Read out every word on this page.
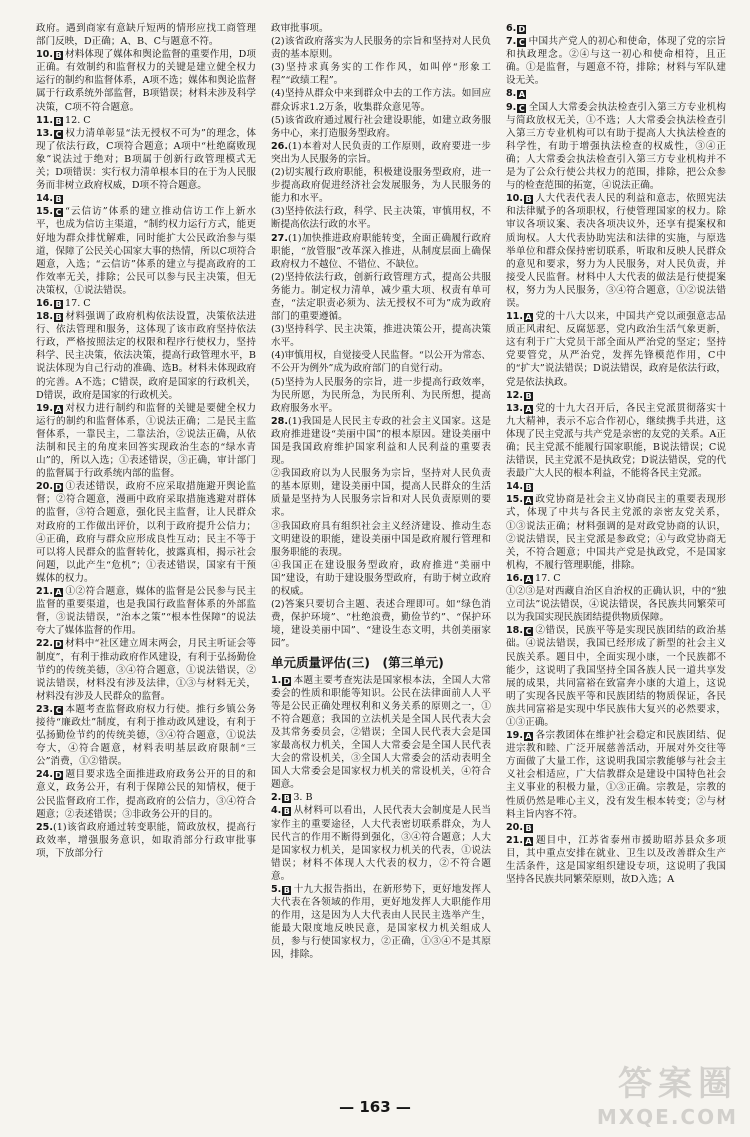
政府。遇到商家有意缺斤短两的情形应找工商管理部门反映，D正确；A、B、C与题意不符。

10. B 材料体现了媒体和舆论监督的重要作用，D项正确。有效制约和监督权力的关键是建立健全权力运行的制约和监督体系，A项不选；媒体和舆论监督属于行政系统外部监督，B项错误；材料未涉及科学决策，C项不符合题意。

11. B 12. C

13. C 权力清单彰显“法无授权不可为”的理念，体现了依法行政，C项符合题意；A项中“杜绝腐败现象”说法过于绝对；B项属于创新行政管理模式无关；D项错误：实行权力清单根本目的在于为人民服务而非树立政府权威，D项不符合题意。

14. B

15. C “云信访”体系的建立推动信访工作上新水平，也成为信访主渠道，“制约权力运行方式，能更好地为群众排忧解难，同时能扩大公民政治参与渠道，保障了公民关心国家大事的热情，所以C项符合题意，入选；“云信访”体系的建立与提高政府的工作效率无关，排除；公民可以参与民主决策，但无决策权，①说法错误。

16. B 17. C

18. B 材料强调了政府机构依法设置，决策依法进行、依法管理和服务，这体现了该市政府坚持依法行政，严格按照法定的权限和程序行使权力，坚持科学、民主决策，依法决策，提高行政管理水平，B说法体现为自己行动的准确、选B。材料未体现政府的完善。A不选；C错误，政府是国家的行政机关，D错误，政府是国家的行政机关。

19. A 对权力进行制约和监督的关键是要健全权力运行的制约和监督体系，①说法正确；二是民主监督体系，一靠民主，二靠法治，②说法正确，从依法制和民主的角度来回答实现政治生态的“绿水青山”的，所以入选；①表述错误，③正确，审计部门的监督属于行政系统内部的监督。

20. D ①表述错误，政府不应采取措施避开舆论监督；②符合题意，漫画中政府采取措施逃避对群体的监督，③符合题意，强化民主监督，让人民群众对政府的工作做出评价，以利于政府提升公信力；④正确，政府与群众应形成良性互动；民主不等于可以将人民群众的监督转化，披露真相，揭示社会问题，以此产生“危机”；①表述错误，国家有干预媒体的权力。

21. A ①②符合题意，媒体的监督是公民参与民主监督的重要渠道，也是我国行政监督体系的外部监督，③说法错误，“治本之策”“根本性保障”的说法夸大了媒体监督的作用。

22. D 材料中“社区建立周末两会，月民主听证会等制度”，有利于推动政府作风建设，有利于弘扬勤俭节约的传统美德，③④符合题意，①说法错误，②说法错误，材料没有涉及法律，①③与材料无关，材料没有涉及人民群众的监督。

23. C 本题考查监督政府权力行使。推行乡镇公务接待“廉政灶”制度，有利于推动政风建设，有利于弘扬勤俭节约的传统美德，③④符合题意，①说法夸大，④符合题意，材料表明基层政府限制“三公”消费，①②错误。

24. D 题目要求选全面推进政府政务公开的目的和意义，政务公开，有利于保障公民的知情权，便于公民监督政府工作，提高政府的公信力，③④符合题意；②表述错误；③非政务公开的目的。

25.(1)该省政府通过转变职能，简政放权，提高行政效率，增强服务意识，如取消部分行政审批事项，下放部分行

政审批事项。

(2)该省政府落实为人民服务的宗旨和坚持对人民负责的基本原则。

(3)坚持求真务实的工作作风，如叫停“形象工程”“政绩工程”。

(4)坚持从群众中来到群众中去的工作方法。如回应群众诉求1.2万条，收集群众意见等。

(5)该省政府通过履行社会建设职能，如建立政务服务中心，来打造服务型政府。

26.(1)本着对人民负责的工作原则，政府要进一步突出为人民服务的宗旨。

(2)切实履行政府职能，积极建设服务型政府，进一步提高政府促进经济社会发展服务，为人民服务的能力和水平。

(3)坚持依法行政，科学、民主决策，审慎用权，不断提高依法行政的水平。

27.(1)加快推进政府职能转变，全面正确履行政府职能，“放管服”改革深入推进，从制度层面上确保政府权力不越位、不错位、不缺位。

(2)坚持依法行政，创新行政管理方式，提高公共服务能力。制定权力清单，减少重大项、权责有单可查，“法定职责必须为、法无授权不可为”成为政府部门的重要遵循。

(3)坚持科学、民主决策，推进决策公开，提高决策水平。

(4)审慎用权，自觉接受人民监督。“以公开为常态、不公开为例外”成为政府部门的自觉行动。

(5)坚持为人民服务的宗旨，进一步提高行政效率，为民所愿，为民所急，为民所利、为民所想，提高政府服务水平。

28.(1)我国是人民民主专政的社会主义国家。这是政府推进建设“美丽中国”的根本原因。建设美丽中国是我国政府维护国家利益和人民利益的重要表现。

②我国政府以为人民服务为宗旨，坚持对人民负责的基本原则，建设美丽中国，提高人民群众的生活质量是坚持为人民服务宗旨和对人民负责原则的要求。

③我国政府具有组织社会主义经济建设、推动生态文明建设的职能，建设美丽中国是政府履行管理和服务职能的表现。

④我国正在建设服务型政府，政府推进“美丽中国”建设，有助于建设服务型政府，有助于树立政府的权威。

(2)答案只要切合主题、表述合理即可。如“绿色消费，保护环境”、“杜绝浪费，勤俭节约”、“保护环境，建设美丽中国”、“建设生态文明，共创美丽家园”。

单元质量评估(三)　(第三单元)

1. D 本题主要考查宪法是国家根本法，全国人大常委会的性质和职能等知识。公民在法律面前人人平等是公民正确处理权利和义务关系的原则之一，①不符合题意；我国的立法机关是全国人民代表大会及其常务委员会，②错误；全国人民代表大会是国家最高权力机关，全国人大常委会是全国人民代表大会的常设机关，③全国人大常委会的活动表明全国人大常委会是国家权力机关的常设机关，④符合题意。

2. B 3. B

4. B 从材料可以看出，人民代表大会制度是人民当家作主的重要途径，人大代表密切联系群众，为人民代言的作用不断得到强化，③④符合题意；人大是国家权力机关，是国家权力机关的代表，①说法错误；材料不体现人大代表的权力，②不符合题意。

5. B 十九大报告指出，在新形势下，更好地发挥人大代表在各领域的作用，更好地发挥人大职能作用的作用，这是因为人大代表由人民民主选举产生，能最大限度地反映民意，是国家权力机关组成人员，参与行使国家权力，②正确，①③④不是其原因，排除。

6. D

7. C 中国共产党人的初心和使命，体现了党的宗旨和执政理念。②④与这一初心和使命相符，且正确。①是监督，与题意不符，排除；材料与军队建设无关。

8. A

9. C 全国人大常委会执法检查引入第三方专业机构与简政放权无关，①不选；人大常委会执法检查引入第三方专业机构可以有助于提高人大执法检查的科学性，有助于增强执法检查的权威性，③④正确；人大常委会执法检查引入第三方专业机构并不是为了公众行使公共权力的范围，排除，把公众参与的检查范围的拓宽，④说法正确。

10. B 人大代表代表人民的利益和意志，依照宪法和法律赋予的各项职权，行使管理国家的权力。除审议各项议案、表决各项决议外，还享有提案权和质询权。人大代表协助宪法和法律的实施，与原选举单位和群众保持密切联系，听取和反映人民群众的意见和要求，努力为人民服务，对人民负责，并接受人民监督。材料中人大代表的做法是行使提案权，努力为人民服务，③④符合题意，①②说法错误。

11. A 党的十八大以来，中国共产党以顽强意志品质正风肃纪、反腐惩恶，党内政治生活气象更新，这有利于广大党员干部全面从严治党的坚定；坚持党要管党，从严治党，发挥先锋模范作用，C中的“扩大”说法错误；D说法错误，政府是依法行政，党是依法执政。

12. B

13. A 党的十九大召开后，各民主党派贯彻落实十九大精神，表示不忘合作初心，继续携手共进，这体现了民主党派与共产党是亲密的友党的关系。A正确；民主党派不能履行国家职能，B说法错误；C说法错误，民主党派不是执政党；D说法错误，党的代表最广大人民的根本利益，不能将各民主党派。

14. B

15. A 政党协商是社会主义协商民主的重要表现形式，体现了中共与各民主党派的亲密友党关系，①③说法正确；材料强调的是对政党协商的认识，②说法错误，民主党派是参政党；④与政党协商无关，不符合题意；中国共产党是执政党，不是国家机构，不履行管理职能，排除。

16. A 17. C

①②③是对西藏自治区自治权的正确认识，中的“独立司法”说法错误，④说法错误，各民族共同繁荣可以为我国实现民族团结提供物质保障。

18. C ②错误，民族平等是实现民族团结的政治基础。④说法错误，我国已经形成了新型的社会主义民族关系。题目中，全面实现小康，一个民族都不能少，这说明了我国坚持全国各族人民一道共享发展的成果，共同富裕在致富奔小康的大道上，这说明了实现各民族平等和民族团结的物质保证，各民族共同富裕是实现中华民族伟大复兴的必然要求，①③正确。

19. A 各宗教团体在维护社会稳定和民族团结、促进宗教和睦、广泛开展慈善活动，开展对外交往等方面做了大量工作，这说明我国宗教能够与社会主义社会相适应，广大信教群众是建设中国特色社会主义事业的积极力量，①③正确。宗教是，宗教的性质仍然是唯心主义，没有发生根本转变；②与材料主旨内容不符。

20. B

21. A 题目中，江苏省泰州市援助昭苏县众多项目，其中重点安排在就业、卫生以及改善群众生产生活条件，这是国家组织建设专项，这说明了我国坚持各民族共同繁荣原则，故D入选；A

— 163 —
答案圈
MXQE.COM
